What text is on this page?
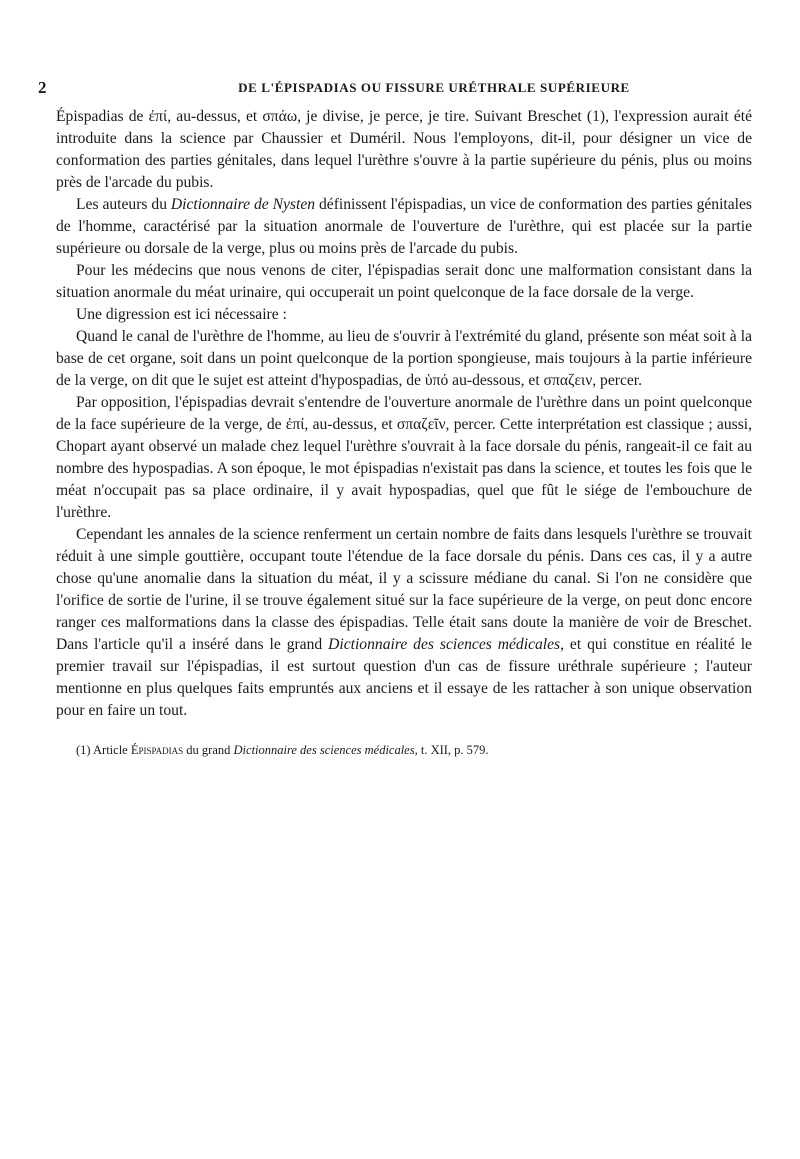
2	DE L'ÉPISPADIAS OU FISSURE URÉTHRALE SUPÉRIEURE

Épispadias de ἐπί, au-dessus, et σπάω, je divise, je perce, je tire. Suivant Breschet (1), l'expression aurait été introduite dans la science par Chaussier et Duméril. Nous l'employons, dit-il, pour désigner un vice de conformation des parties génitales, dans lequel l'urèthre s'ouvre à la partie supérieure du pénis, plus ou moins près de l'arcade du pubis.

Les auteurs du Dictionnaire de Nysten définissent l'épispadias, un vice de conformation des parties génitales de l'homme, caractérisé par la situation anormale de l'ouverture de l'urèthre, qui est placée sur la partie supérieure ou dorsale de la verge, plus ou moins près de l'arcade du pubis.

Pour les médecins que nous venons de citer, l'épispadias serait donc une malformation consistant dans la situation anormale du méat urinaire, qui occuperait un point quelconque de la face dorsale de la verge.

Une digression est ici nécessaire :

Quand le canal de l'urèthre de l'homme, au lieu de s'ouvrir à l'extrémité du gland, présente son méat soit à la base de cet organe, soit dans un point quelconque de la portion spongieuse, mais toujours à la partie inférieure de la verge, on dit que le sujet est atteint d'hypospadias, de ὑπό au-dessous, et σπαζειν, percer.

Par opposition, l'épispadias devrait s'entendre de l'ouverture anormale de l'urèthre dans un point quelconque de la face supérieure de la verge, de ἐπί, au-dessus, et σπαζεῖν, percer. Cette interprétation est classique ; aussi, Chopart ayant observé un malade chez lequel l'urèthre s'ouvrait à la face dorsale du pénis, rangeait-il ce fait au nombre des hypospadias. A son époque, le mot épispadias n'existait pas dans la science, et toutes les fois que le méat n'occupait pas sa place ordinaire, il y avait hypospadias, quel que fût le siége de l'embouchure de l'urèthre.

Cependant les annales de la science renferment un certain nombre de faits dans lesquels l'urèthre se trouvait réduit à une simple gouttière, occupant toute l'étendue de la face dorsale du pénis. Dans ces cas, il y a autre chose qu'une anomalie dans la situation du méat, il y a scissure médiane du canal. Si l'on ne considère que l'orifice de sortie de l'urine, il se trouve également situé sur la face supérieure de la verge, on peut donc encore ranger ces malformations dans la classe des épispadias. Telle était sans doute la manière de voir de Breschet. Dans l'article qu'il a inséré dans le grand Dictionnaire des sciences médicales, et qui constitue en réalité le premier travail sur l'épispadias, il est surtout question d'un cas de fissure uréthrale supérieure ; l'auteur mentionne en plus quelques faits empruntés aux anciens et il essaye de les rattacher à son unique observation pour en faire un tout.

(1) Article Épispadias du grand Dictionnaire des sciences médicales, t. XII, p. 579.
